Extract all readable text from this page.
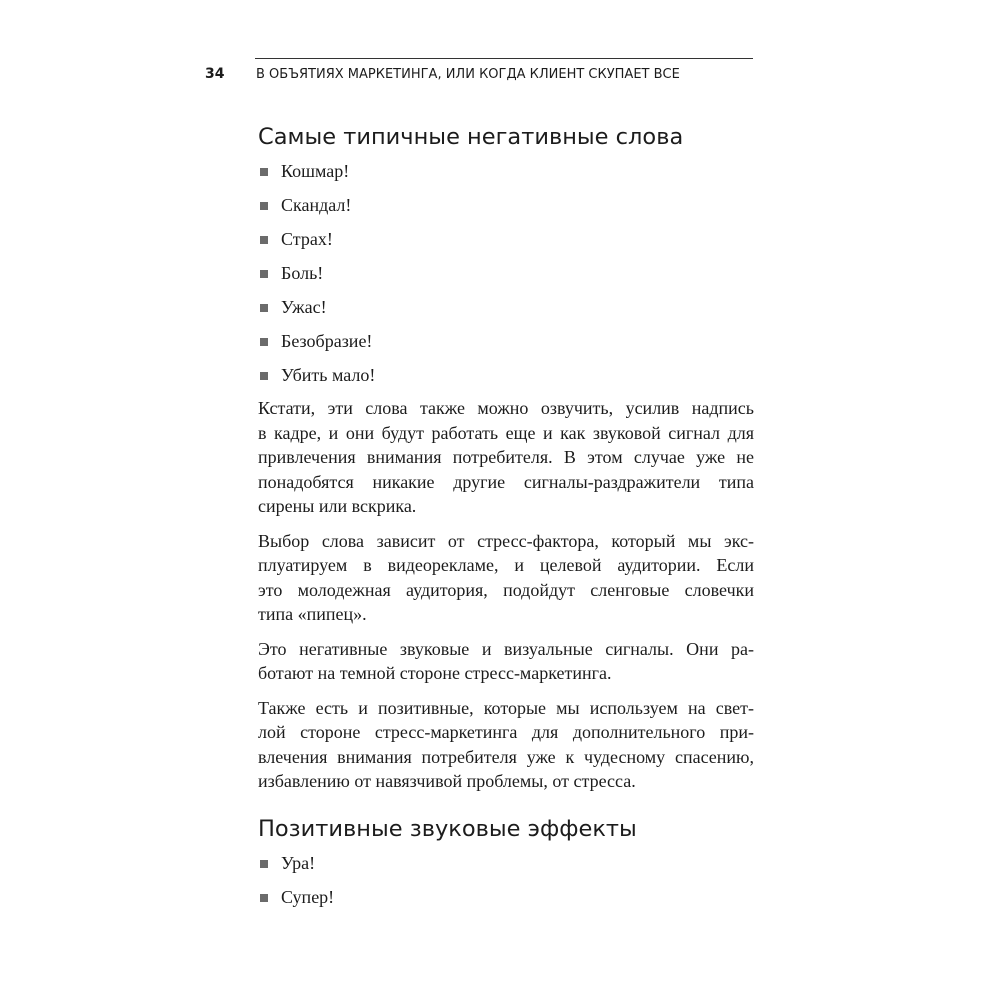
34	В ОБЪЯТИЯХ МАРКЕТИНГА, ИЛИ КОГДА КЛИЕНТ СКУПАЕТ ВСЕ
Самые типичные негативные слова
Кошмар!
Скандал!
Страх!
Боль!
Ужас!
Безобразие!
Убить мало!

Кстати, эти слова также можно озвучить, усилив надпись
в кадре, и они будут работать еще и как звуковой сигнал для
привлечения внимания потребителя. В этом случае уже не
понадобятся никакие другие сигналы-раздражители типа
сирены или вскрика.

Выбор слова зависит от стресс-фактора, который мы экс-
плуатируем в видеорекламе, и целевой аудитории. Если
это молодежная аудитория, подойдут сленговые словечки
типа «пипец».

Это негативные звуковые и визуальные сигналы. Они ра-
ботают на темной стороне стресс-маркетинга.

Также есть и позитивные, которые мы используем на свет-
лой стороне стресс-маркетинга для дополнительного при-
влечения внимания потребителя уже к чудесному спасению,
избавлению от навязчивой проблемы, от стресса.

Позитивные звуковые эффекты
Ура!
Супер!
